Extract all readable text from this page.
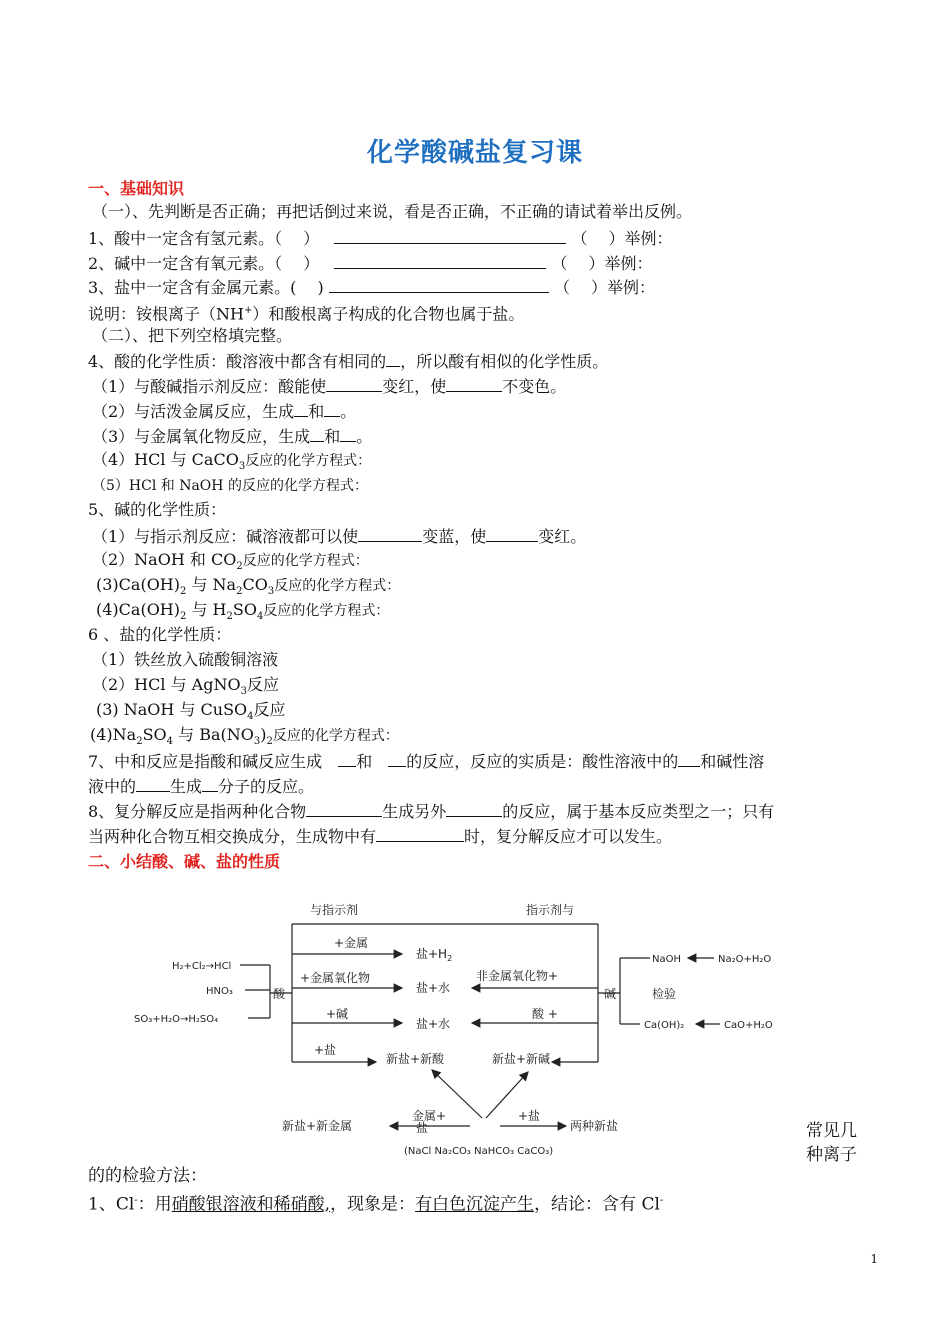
化学酸碱盐复习课
一、基础知识
（一）、先判断是否正确；再把话倒过来说，看是否正确，不正确的请试着举出反例。
1、酸中一定含有氢元素。（　 ）	（　 ）举例：
2、碱中一定含有氧元素。（　 ）	（　 ）举例：
3、盐中一定含有金属元素。( 　)	（　 ）举例：
说明：铵根离子（NH+）和酸根离子构成的化合物也属于盐。
（二）、把下列空格填完整。
4、酸的化学性质：酸溶液中都含有相同的 ，所以酸有相似的化学性质。
（1）与酸碱指示剂反应：酸能使	变红，使	不变色。
（2）与活泼金属反应，生成 和 。
（3）与金属氧化物反应，生成 和 。
（4）HCl 与 CaCO$_3$反应的化学方程式：
（5）HCl 和 NaOH 的反应的化学方程式：
5、碱的化学性质：
（1）与指示剂反应：碱溶液都可以使	变蓝，使	变红。
（2）NaOH 和 $CO_2$反应的化学方程式：
$(3)Ca(OH)_2$ 与 $Na_2CO_3$反应的化学方程式：
$(4)Ca(OH)_2$ 与 $H_2SO_4$反应的化学方程式：
6 、盐的化学性质：
（1）铁丝放入硫酸铜溶液
（2）HCl 与 AgNO$_3$反应
(3) NaOH 与 CuSO$_4$反应
$(4)Na_2SO_4$ 与 $Ba(NO_3)_2$反应的化学方程式：
7、中和反应是指酸和碱反应生成　和　的反应，反应的实质是：酸性溶液中的 和碱性溶
液中的 生成 分子的反应。
8、复分解反应是指两种化合物	生成另外	的反应，属于基本反应类型之一；只有
当两种化合物互相交换成分，生成物中有	时，复分解反应才可以发生。
二、小结酸、碱、盐的性质
与指示剂	指示剂与
+金属
盐$+H_2$
+金属氧化物
盐+水
非金属氧化物+
+碱
盐+水
酸 +
+盐
新盐+新酸	新盐+新碱
酸	碱	检验
盐
金属+	+盐
新盐+新金属	两种新盐
H₂+Cl₂→HCl
HNO₃
SO₃+H₂O→H₂SO₄
NaOH	Na₂O+H₂O
Ca(OH)₂	CaO+H₂O
(NaCl Na₂CO₃ NaHCO₃ CaCO₃)
常见几
种离子
的的检验方法：
1、Cl-：用硝酸银溶液和稀硝酸,，现象是：有白色沉淀产生，结论：含有 Cl-
1
